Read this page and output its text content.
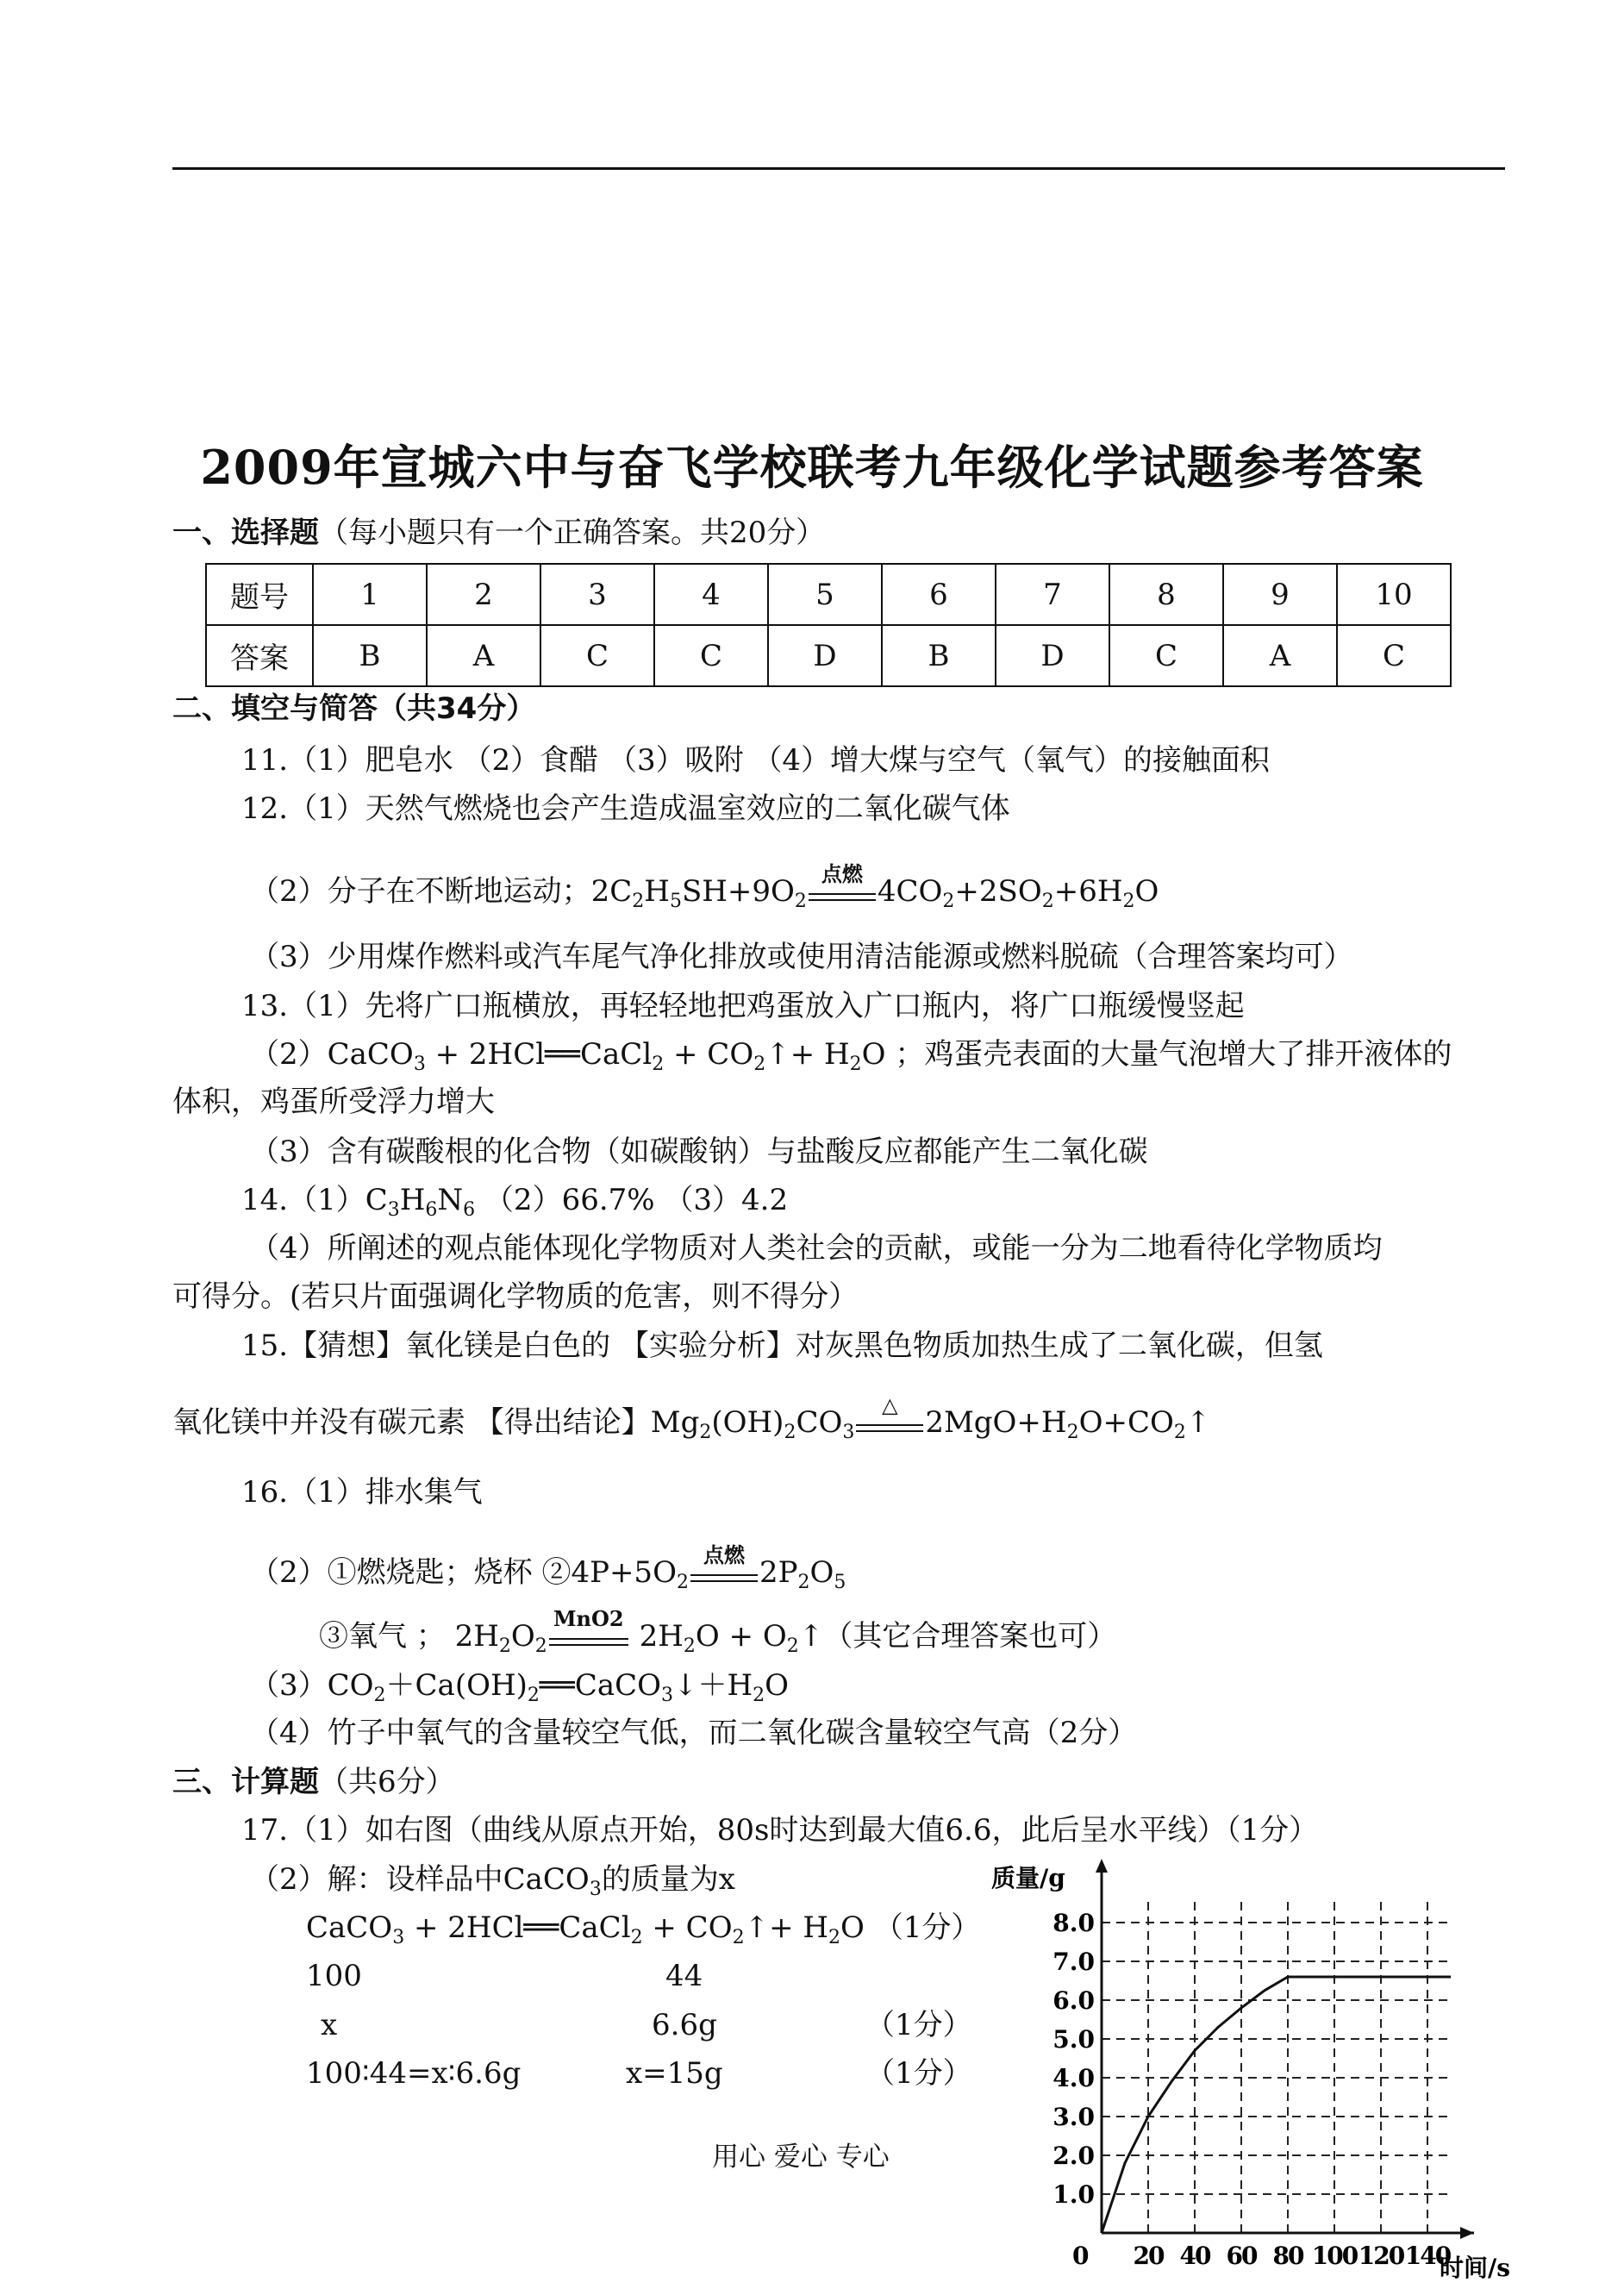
2009年宣城六中与奋飞学校联考九年级化学试题参考答案
一、选择题（每小题只有一个正确答案。共20分）
题号	1	2	3	4	5	6	7	8	9	10
答案	B	A	C	C	D	B	D	C	A	C
二、填空与简答（共34分）
11.（1）肥皂水 （2）食醋 （3）吸附 （4）增大煤与空气（氧气）的接触面积
12.（1）天然气燃烧也会产生造成温室效应的二氧化碳气体
（2）分子在不断地运动；$2C_2H_5SH+9O_2$
点燃
$4CO_2+2SO_2+6H_2O$
（3）少用煤作燃料或汽车尾气净化排放或使用清洁能源或燃料脱硫（合理答案均可）
13.（1）先将广口瓶横放，再轻轻地把鸡蛋放入广口瓶内，将广口瓶缓慢竖起
（2）CaCO$_3$ + 2HCl══CaCl$_2$ + $CO_2↑+ H_2O$ ；鸡蛋壳表面的大量气泡增大了排开液体的
体积，鸡蛋所受浮力增大
（3）含有碳酸根的化合物（如碳酸钠）与盐酸反应都能产生二氧化碳
$14.(1)C_3H_6N_6$ （2）66.7% （3）4.2
（4）所阐述的观点能体现化学物质对人类社会的贡献，或能一分为二地看待化学物质均
可得分。(若只片面强调化学物质的危害，则不得分）
15.【猜想】氧化镁是白色的 【实验分析】对灰黑色物质加热生成了二氧化碳，但氢
氧化镁中并没有碳元素 【得出结论】$Mg_2(OH)_2CO_3$
△
$2MgO+H_2O+CO_2↑$
16.（1）排水集气
（2）①燃烧匙；烧杯 $②4P+5O_2$
点燃
$2P_2O_5$
③氧气 ； $2H_2O_2$
MnO2
$2H_2O$ + $O_2↑$（其它合理答案也可）
$(3)CO_2+Ca(OH)_2══CaCO_3↓+H_2O$
（4）竹子中氧气的含量较空气低，而二氧化碳含量较空气高（2分）
三、计算题（共6分）
17.（1）如右图（曲线从原点开始，80s时达到最大值6.6，此后呈水平线）（1分）
（2）解：设样品中CaCO$_3$的质量为x
CaCO$_3$ + 2HCl══CaCl$_2$ + $CO_2↑+ H_2O$ （1分）
100	44
x	6.6g	（1分）
100∶44=x∶6.6g	x=15g	（1分）
用心 爱心 专心
1.0
2.0
3.0
4.0
5.0
6.0
7.0
8.0
20 40 60 80 100 120 140
质量/g
时间/s
0
